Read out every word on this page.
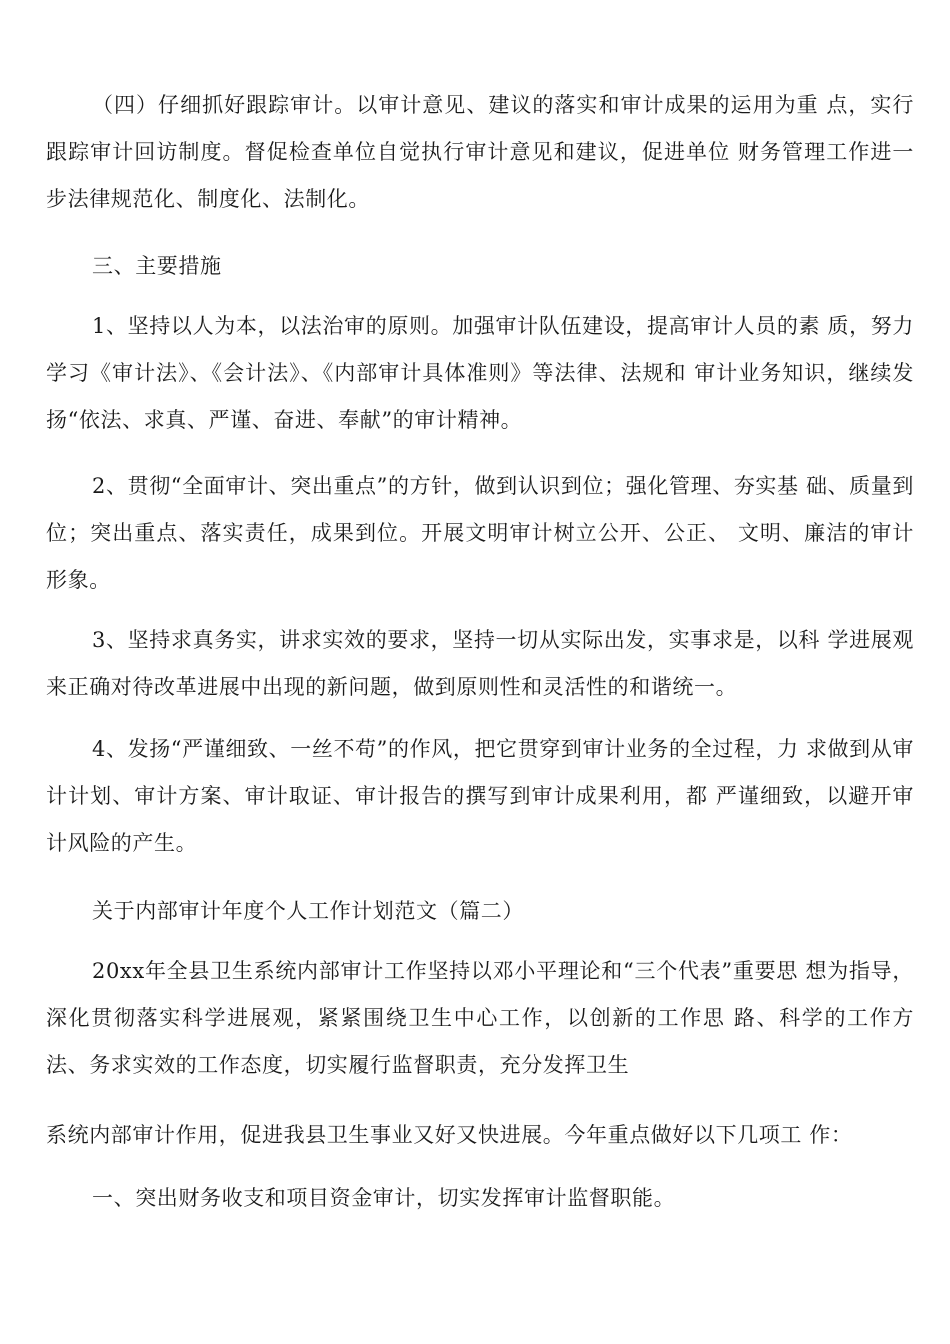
（四）仔细抓好跟踪审计。以审计意见、建议的落实和审计成果的运用为重 点，实行跟踪审计回访制度。督促检查单位自觉执行审计意见和建议，促进单位 财务管理工作进一步法律规范化、制度化、法制化。

三、主要措施

1、坚持以人为本，以法治审的原则。加强审计队伍建设，提高审计人员的素 质，努力学习《审计法》、《会计法》、《内部审计具体准则》等法律、法规和 审计业务知识，继续发扬“依法、求真、严谨、奋进、奉献”的审计精神。

2、贯彻“全面审计、突出重点”的方针，做到认识到位；强化管理、夯实基 础、质量到位；突出重点、落实责任，成果到位。开展文明审计树立公开、公正、 文明、廉洁的审计形象。

3、坚持求真务实，讲求实效的要求，坚持一切从实际出发，实事求是，以科 学进展观来正确对待改革进展中出现的新问题，做到原则性和灵活性的和谐统一。

4、发扬“严谨细致、一丝不苟”的作风，把它贯穿到审计业务的全过程，力 求做到从审计计划、审计方案、审计取证、审计报告的撰写到审计成果利用，都 严谨细致，以避开审计风险的产生。

关于内部审计年度个人工作计划范文（篇二）

20xx年全县卫生系统内部审计工作坚持以邓小平理论和“三个代表”重要思 想为指导，深化贯彻落实科学进展观，紧紧围绕卫生中心工作，以创新的工作思 路、科学的工作方法、务求实效的工作态度，切实履行监督职责，充分发挥卫生

系统内部审计作用，促进我县卫生事业又好又快进展。今年重点做好以下几项工 作：

一、突出财务收支和项目资金审计，切实发挥审计监督职能。
